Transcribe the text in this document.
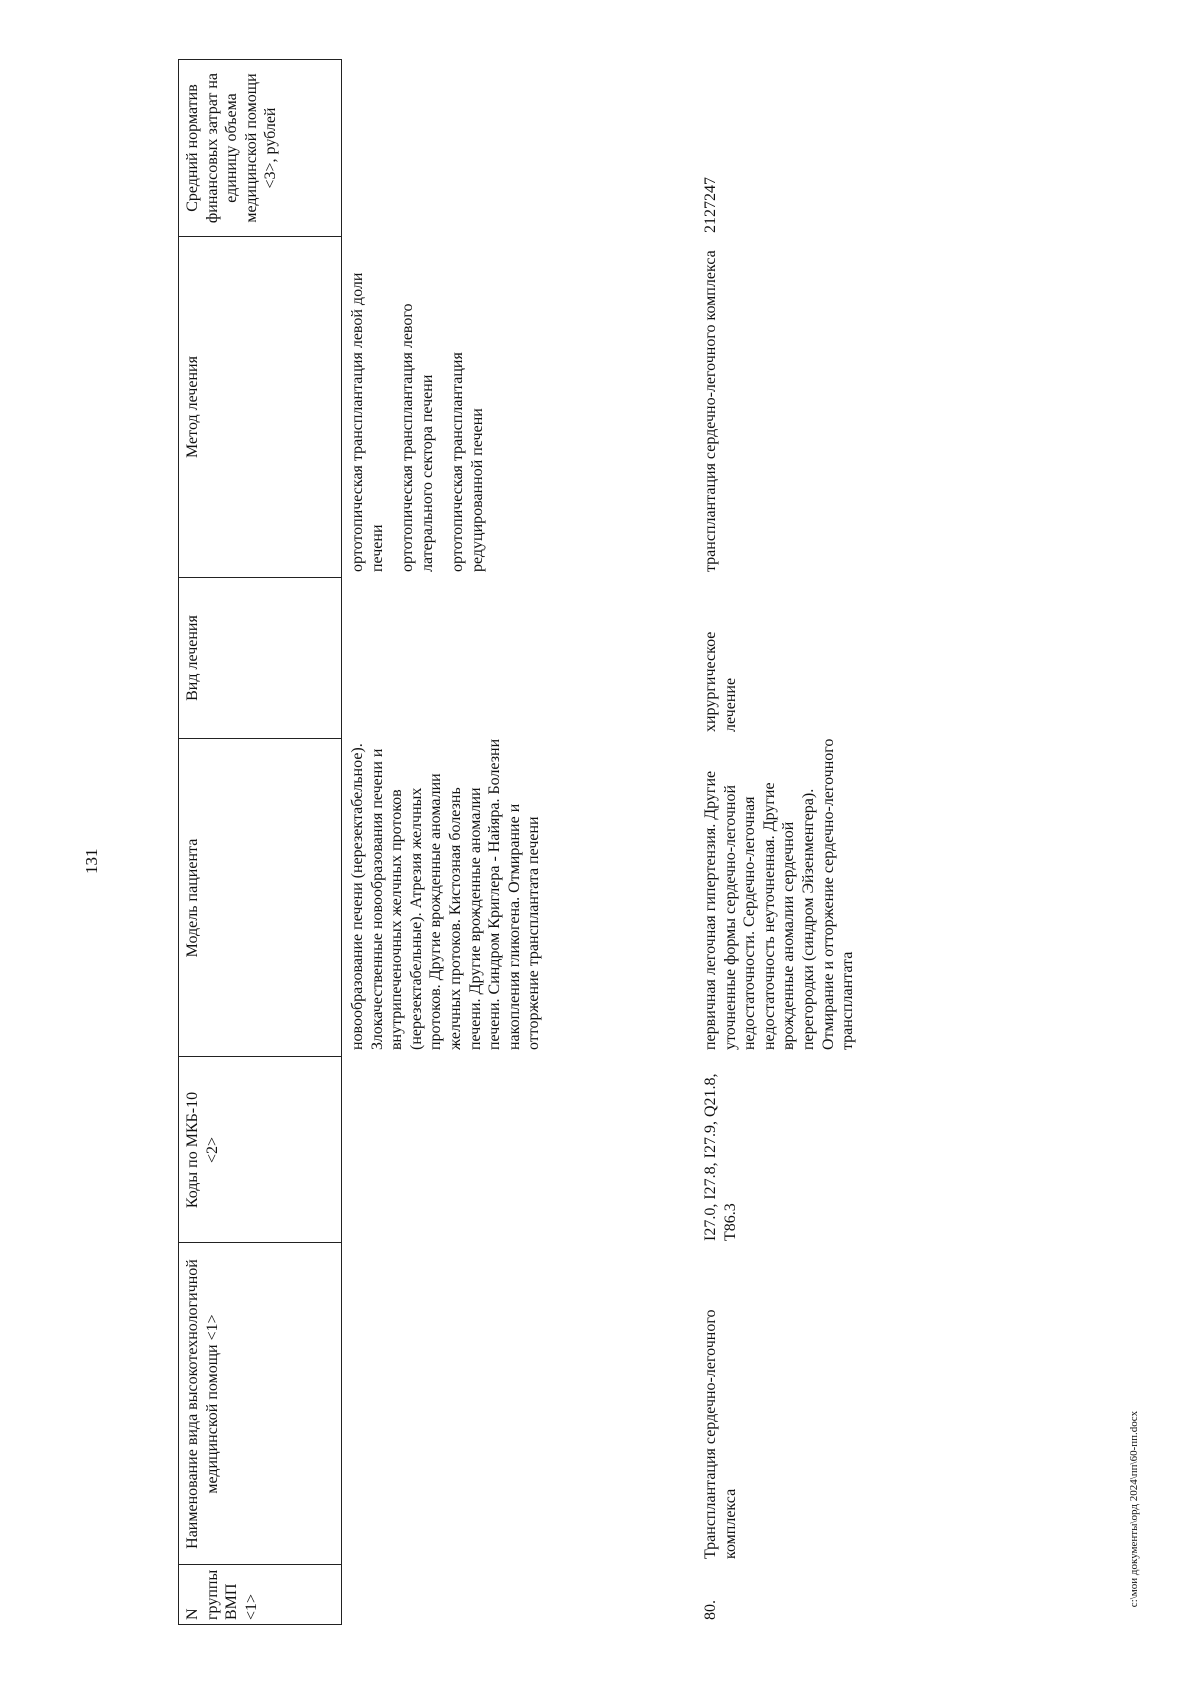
131
N группы ВМП <1>
Наименование вида высокотехнологичной медицинской помощи <1>
Коды по МКБ-10 <2>
Модель пациента
Вид лечения
Метод лечения
Средний норматив финансовых затрат на единицу объема медицинской помощи <3>, рублей
новообразование печени (нерезектабельное). Злокачественные новообразования печени и внутрипеченочных желчных протоков (нерезектабельные). Атрезия желчных протоков. Другие врожденные аномалии желчных протоков. Кистозная болезнь печени. Другие врожденные аномалии печени. Синдром Криглера - Найяра. Болезни накопления гликогена. Отмирание и отторжение трансплантата печени

ортотопическая трансплантация левой доли печени ортотопическая трансплантация левого латерального сектора печени ортотопическая трансплантация редуцированной печени

80.
Трансплантация сердечно-легочного комплекса
I27.0, I27.8, I27.9, Q21.8, T86.3
первичная легочная гипертензия. Другие уточненные формы сердечно-легочной недостаточности. Сердечно-легочная недостаточность неуточненная. Другие врожденные аномалии сердечной перегородки (синдром Эйзенменгера). Отмирание и отторжение сердечно-легочного трансплантата
хирургическое лечение
трансплантация сердечно-легочного комплекса
2127247
c:\мои документы\орд 2024\пп\60-пп.docx
